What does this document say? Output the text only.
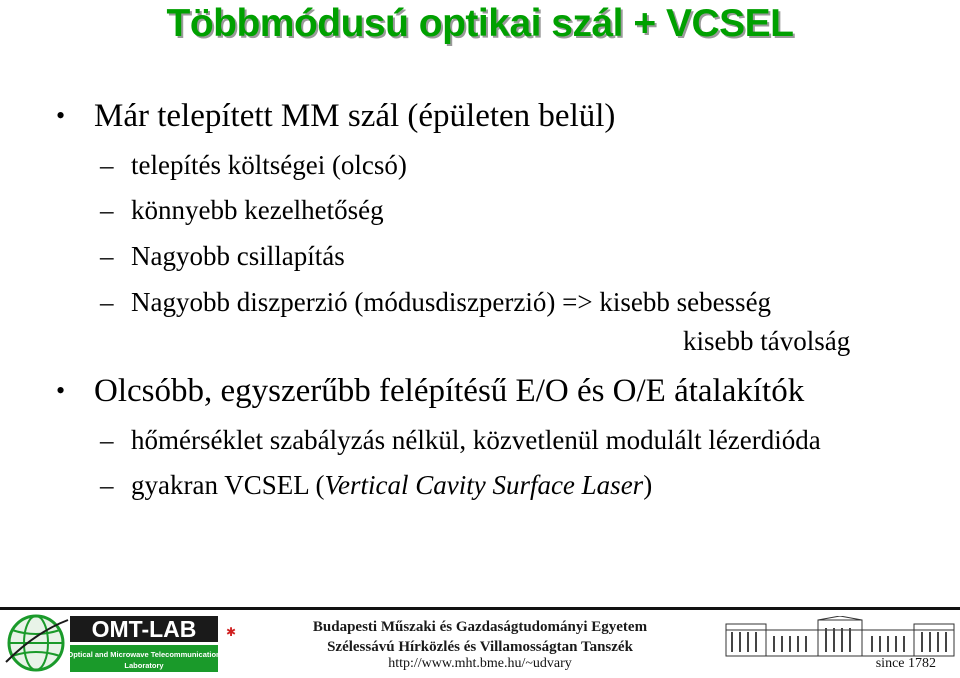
Többmódusú optikai szál + VCSEL
• Már telepített MM szál (épületen belül)
– telepítés költségei (olcsó)
– könnyebb kezelhetőség
– Nagyobb csillapítás
– Nagyobb diszperzió (módusdiszperzió) => kisebb sebesség
kisebb távolság
• Olcsóbb, egyszerűbb felépítésű E/O és O/E átalakítók
– hőmérséklet szabályzás nélkül, közvetlenül modulált lézerdióda
– gyakran VCSEL (Vertical Cavity Surface Laser)
OMT-LAB ✱
Optical and Microwave Telecommunication
Laboratory
Budapesti Műszaki és Gazdaságtudományi Egyetem
Szélessávú Hírközlés és Villamosságtan Tanszék
http://www.mht.bme.hu/~udvary	since 1782
